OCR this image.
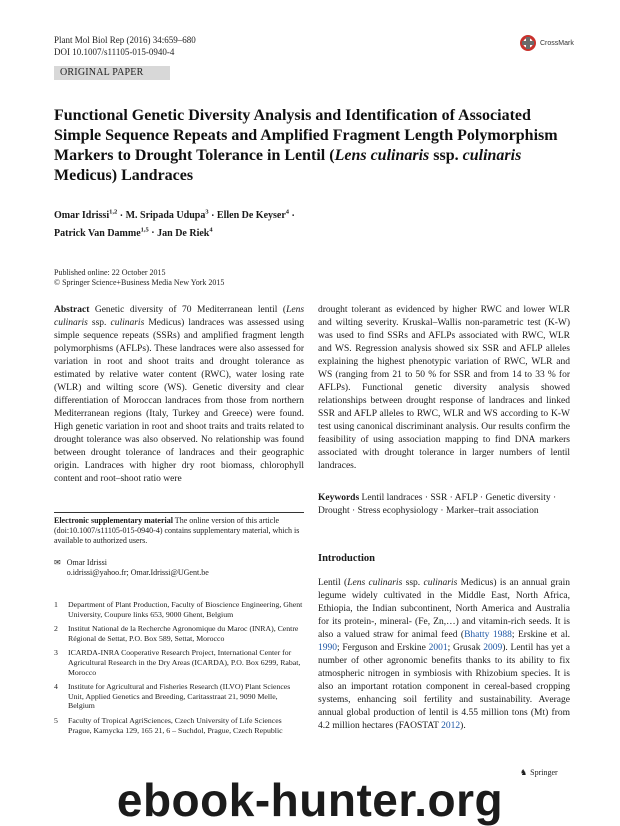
Plant Mol Biol Rep (2016) 34:659–680
DOI 10.1007/s11105-015-0940-4
CrossMark
ORIGINAL PAPER
Functional Genetic Diversity Analysis and Identification of Associated Simple Sequence Repeats and Amplified Fragment Length Polymorphism Markers to Drought Tolerance in Lentil (Lens culinaris ssp. culinaris Medicus) Landraces
Omar Idrissi$^{1,2}$ · M. Sripada Udupa$^3$ · Ellen De Keyser$^4$ ·
Patrick Van Damme$^{1,5}$ · Jan De Riek$^4$
Published online: 22 October 2015
© Springer Science+Business Media New York 2015

Abstract Genetic diversity of 70 Mediterranean lentil (Lens culinaris ssp. culinaris Medicus) landraces was assessed using simple sequence repeats (SSRs) and amplified fragment length polymorphisms (AFLPs). These landraces were also assessed for variation in root and shoot traits and drought tolerance as estimated by relative water content (RWC), water losing rate (WLR) and wilting score (WS). Genetic diversity and clear differentiation of Moroccan landraces from those from northern Mediterranean regions (Italy, Turkey and Greece) were found. High genetic variation in root and shoot traits and traits related to drought tolerance was also observed. No relationship was found between drought tolerance of landraces and their geographic origin. Landraces with higher dry root biomass, chlorophyll content and root–shoot ratio were

Electronic supplementary material The online version of this article (doi:10.1007/s11105-015-0940-4) contains supplementary material, which is available to authorized users.
✉ Omar Idrissi
o.idrissi@yahoo.fr; Omar.Idrissi@UGent.be
1	Department of Plant Production, Faculty of Bioscience Engineering, Ghent University, Coupure links 653, 9000 Ghent, Belgium
2	Institut National de la Recherche Agronomique du Maroc (INRA), Centre Régional de Settat, P.O. Box 589, Settat, Morocco
3	ICARDA-INRA Cooperative Research Project, International Center for Agricultural Research in the Dry Areas (ICARDA), P.O. Box 6299, Rabat, Morocco
4	Institute for Agricultural and Fisheries Research (ILVO) Plant Sciences Unit, Applied Genetics and Breeding, Caritasstraat 21, 9090 Melle, Belgium
5	Faculty of Tropical AgriSciences, Czech University of Life Sciences Prague, Kamycka 129, 165 21, 6 – Suchdol, Prague, Czech Republic

drought tolerant as evidenced by higher RWC and lower WLR and wilting severity. Kruskal–Wallis non-parametric test (K-W) was used to find SSRs and AFLPs associated with RWC, WLR and WS. Regression analysis showed six SSR and AFLP alleles explaining the highest phenotypic variation of RWC, WLR and WS (ranging from 21 to 50 % for SSR and from 14 to 33 % for AFLPs). Functional genetic diversity analysis showed relationships between drought response of landraces and linked SSR and AFLP alleles to RWC, WLR and WS according to K-W test using canonical discriminant analysis. Our results confirm the feasibility of using association mapping to find DNA markers associated with drought tolerance in larger numbers of lentil landraces.

Keywords Lentil landraces · SSR · AFLP · Genetic diversity · Drought · Stress ecophysiology · Marker–trait association
Introduction
Lentil (Lens culinaris ssp. culinaris Medicus) is an annual grain legume widely cultivated in the Middle East, North Africa, Ethiopia, the Indian subcontinent, North America and Australia for its protein-, mineral- (Fe, Zn,…) and vitamin-rich seeds. It is also a valued straw for animal feed (Bhatty 1988; Erskine et al. 1990; Ferguson and Erskine 2001; Grusak 2009). Lentil has yet a number of other agronomic benefits thanks to its ability to fix atmospheric nitrogen in symbiosis with Rhizobium species. It is also an important rotation component in cereal-based cropping systems, enhancing soil fertility and sustainability. Average annual global production of lentil is 4.55 million tons (Mt) from 4.2 million hectares (FAOSTAT 2012).
♞ Springer
ebook-hunter.org
